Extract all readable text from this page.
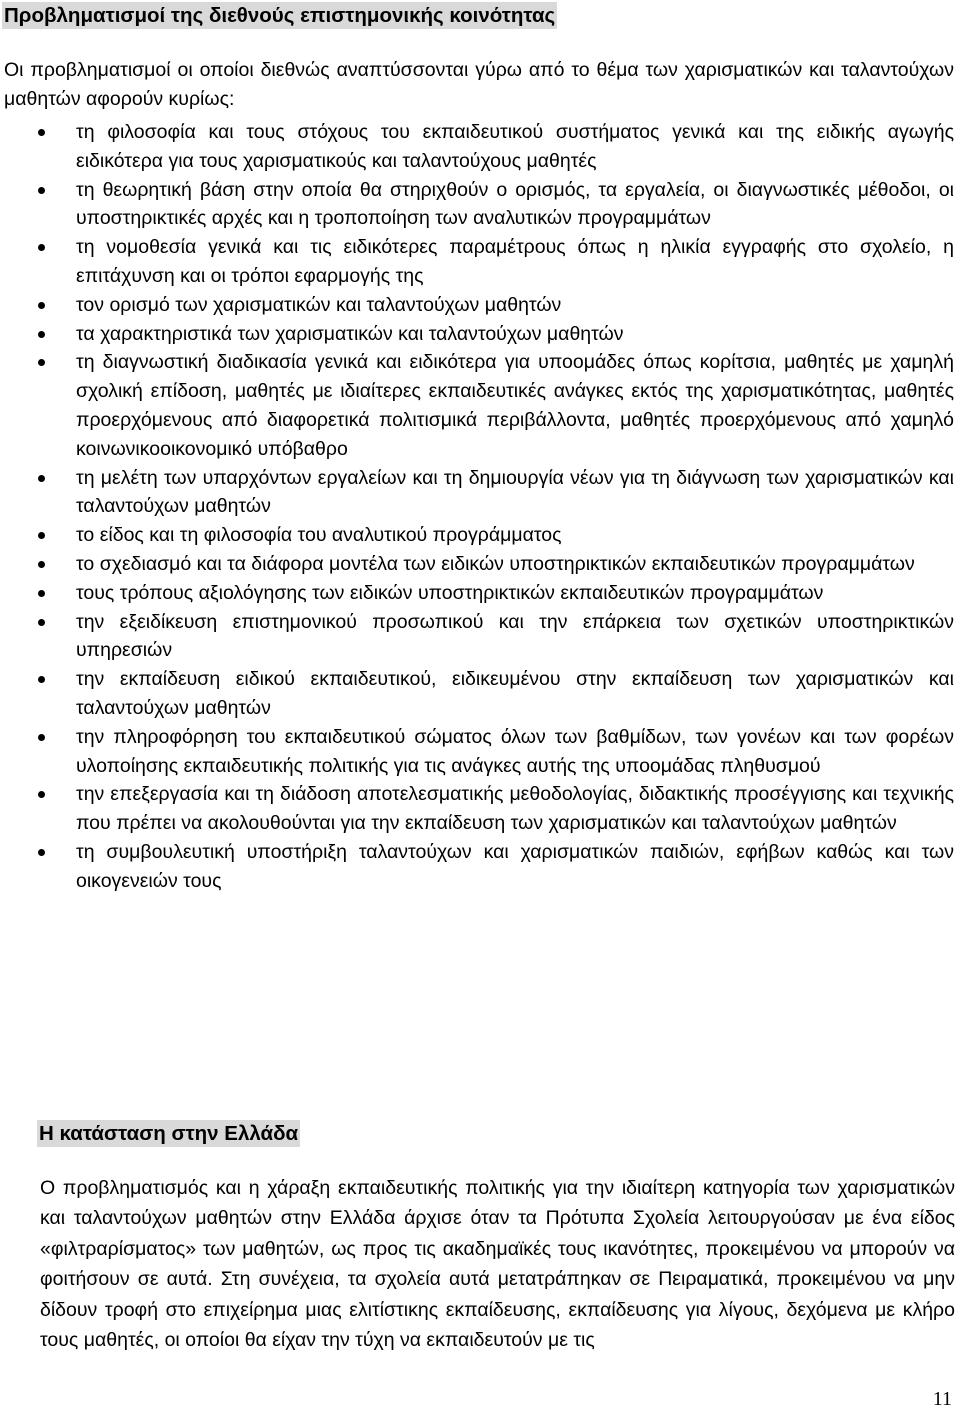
Προβληματισμοί της διεθνούς επιστημονικής κοινότητας

Οι προβληματισμοί οι οποίοι διεθνώς αναπτύσσονται γύρω από το θέμα των χαρισματικών και ταλαντούχων μαθητών αφορούν κυρίως:

τη φιλοσοφία και τους στόχους του εκπαιδευτικού συστήματος γενικά και της ειδικής αγωγής ειδικότερα για τους χαρισματικούς και ταλαντούχους μαθητές
τη θεωρητική βάση στην οποία θα στηριχθούν ο ορισμός, τα εργαλεία, οι διαγνωστικές μέθοδοι, οι υποστηρικτικές αρχές και η τροποποίηση των αναλυτικών προγραμμάτων
τη νομοθεσία γενικά και τις ειδικότερες παραμέτρους όπως η ηλικία εγγραφής στο σχολείο, η επιτάχυνση και οι τρόποι εφαρμογής της
τον ορισμό των χαρισματικών και ταλαντούχων μαθητών
τα χαρακτηριστικά των χαρισματικών και ταλαντούχων μαθητών
τη διαγνωστική διαδικασία γενικά και ειδικότερα για υποομάδες όπως κορίτσια, μαθητές με χαμηλή σχολική επίδοση, μαθητές με ιδιαίτερες εκπαιδευτικές ανάγκες εκτός της χαρισματικότητας, μαθητές προερχόμενους από διαφορετικά πολιτισμικά περιβάλλοντα, μαθητές προερχόμενους από χαμηλό κοινωνικοοικονομικό υπόβαθρο
τη μελέτη των υπαρχόντων εργαλείων και τη δημιουργία νέων για τη διάγνωση των χαρισματικών και ταλαντούχων μαθητών
το είδος και τη φιλοσοφία του αναλυτικού προγράμματος
το σχεδιασμό και τα διάφορα μοντέλα των ειδικών υποστηρικτικών εκπαιδευτικών προγραμμάτων
τους τρόπους αξιολόγησης των ειδικών υποστηρικτικών εκπαιδευτικών προγραμμάτων
την εξειδίκευση επιστημονικού προσωπικού και την επάρκεια των σχετικών υποστηρικτικών υπηρεσιών
την εκπαίδευση ειδικού εκπαιδευτικού, ειδικευμένου στην εκπαίδευση των χαρισματικών και ταλαντούχων μαθητών
την πληροφόρηση του εκπαιδευτικού σώματος όλων των βαθμίδων, των γονέων και των φορέων υλοποίησης εκπαιδευτικής πολιτικής για τις ανάγκες αυτής της υποομάδας πληθυσμού
την επεξεργασία και τη διάδοση αποτελεσματικής μεθοδολογίας, διδακτικής προσέγγισης και τεχνικής που πρέπει να ακολουθούνται για την εκπαίδευση των χαρισματικών και ταλαντούχων μαθητών
τη συμβουλευτική υποστήριξη ταλαντούχων και χαρισματικών παιδιών, εφήβων καθώς και των οικογενειών τους
Η κατάσταση στην Ελλάδα

Ο προβληματισμός και η χάραξη εκπαιδευτικής πολιτικής για την ιδιαίτερη κατηγορία των χαρισματικών και ταλαντούχων μαθητών στην Ελλάδα άρχισε όταν τα Πρότυπα Σχολεία λειτουργούσαν με ένα είδος «φιλτραρίσματος» των μαθητών, ως προς τις ακαδημαϊκές τους ικανότητες, προκειμένου να μπορούν να φοιτήσουν σε αυτά. Στη συνέχεια, τα σχολεία αυτά μετατράπηκαν σε Πειραματικά, προκειμένου να μην δίδουν τροφή στο επιχείρημα μιας ελιτίστικης εκπαίδευσης, εκπαίδευσης για λίγους, δεχόμενα με κλήρο τους μαθητές, οι οποίοι θα είχαν την τύχη να εκπαιδευτούν με τις

11
